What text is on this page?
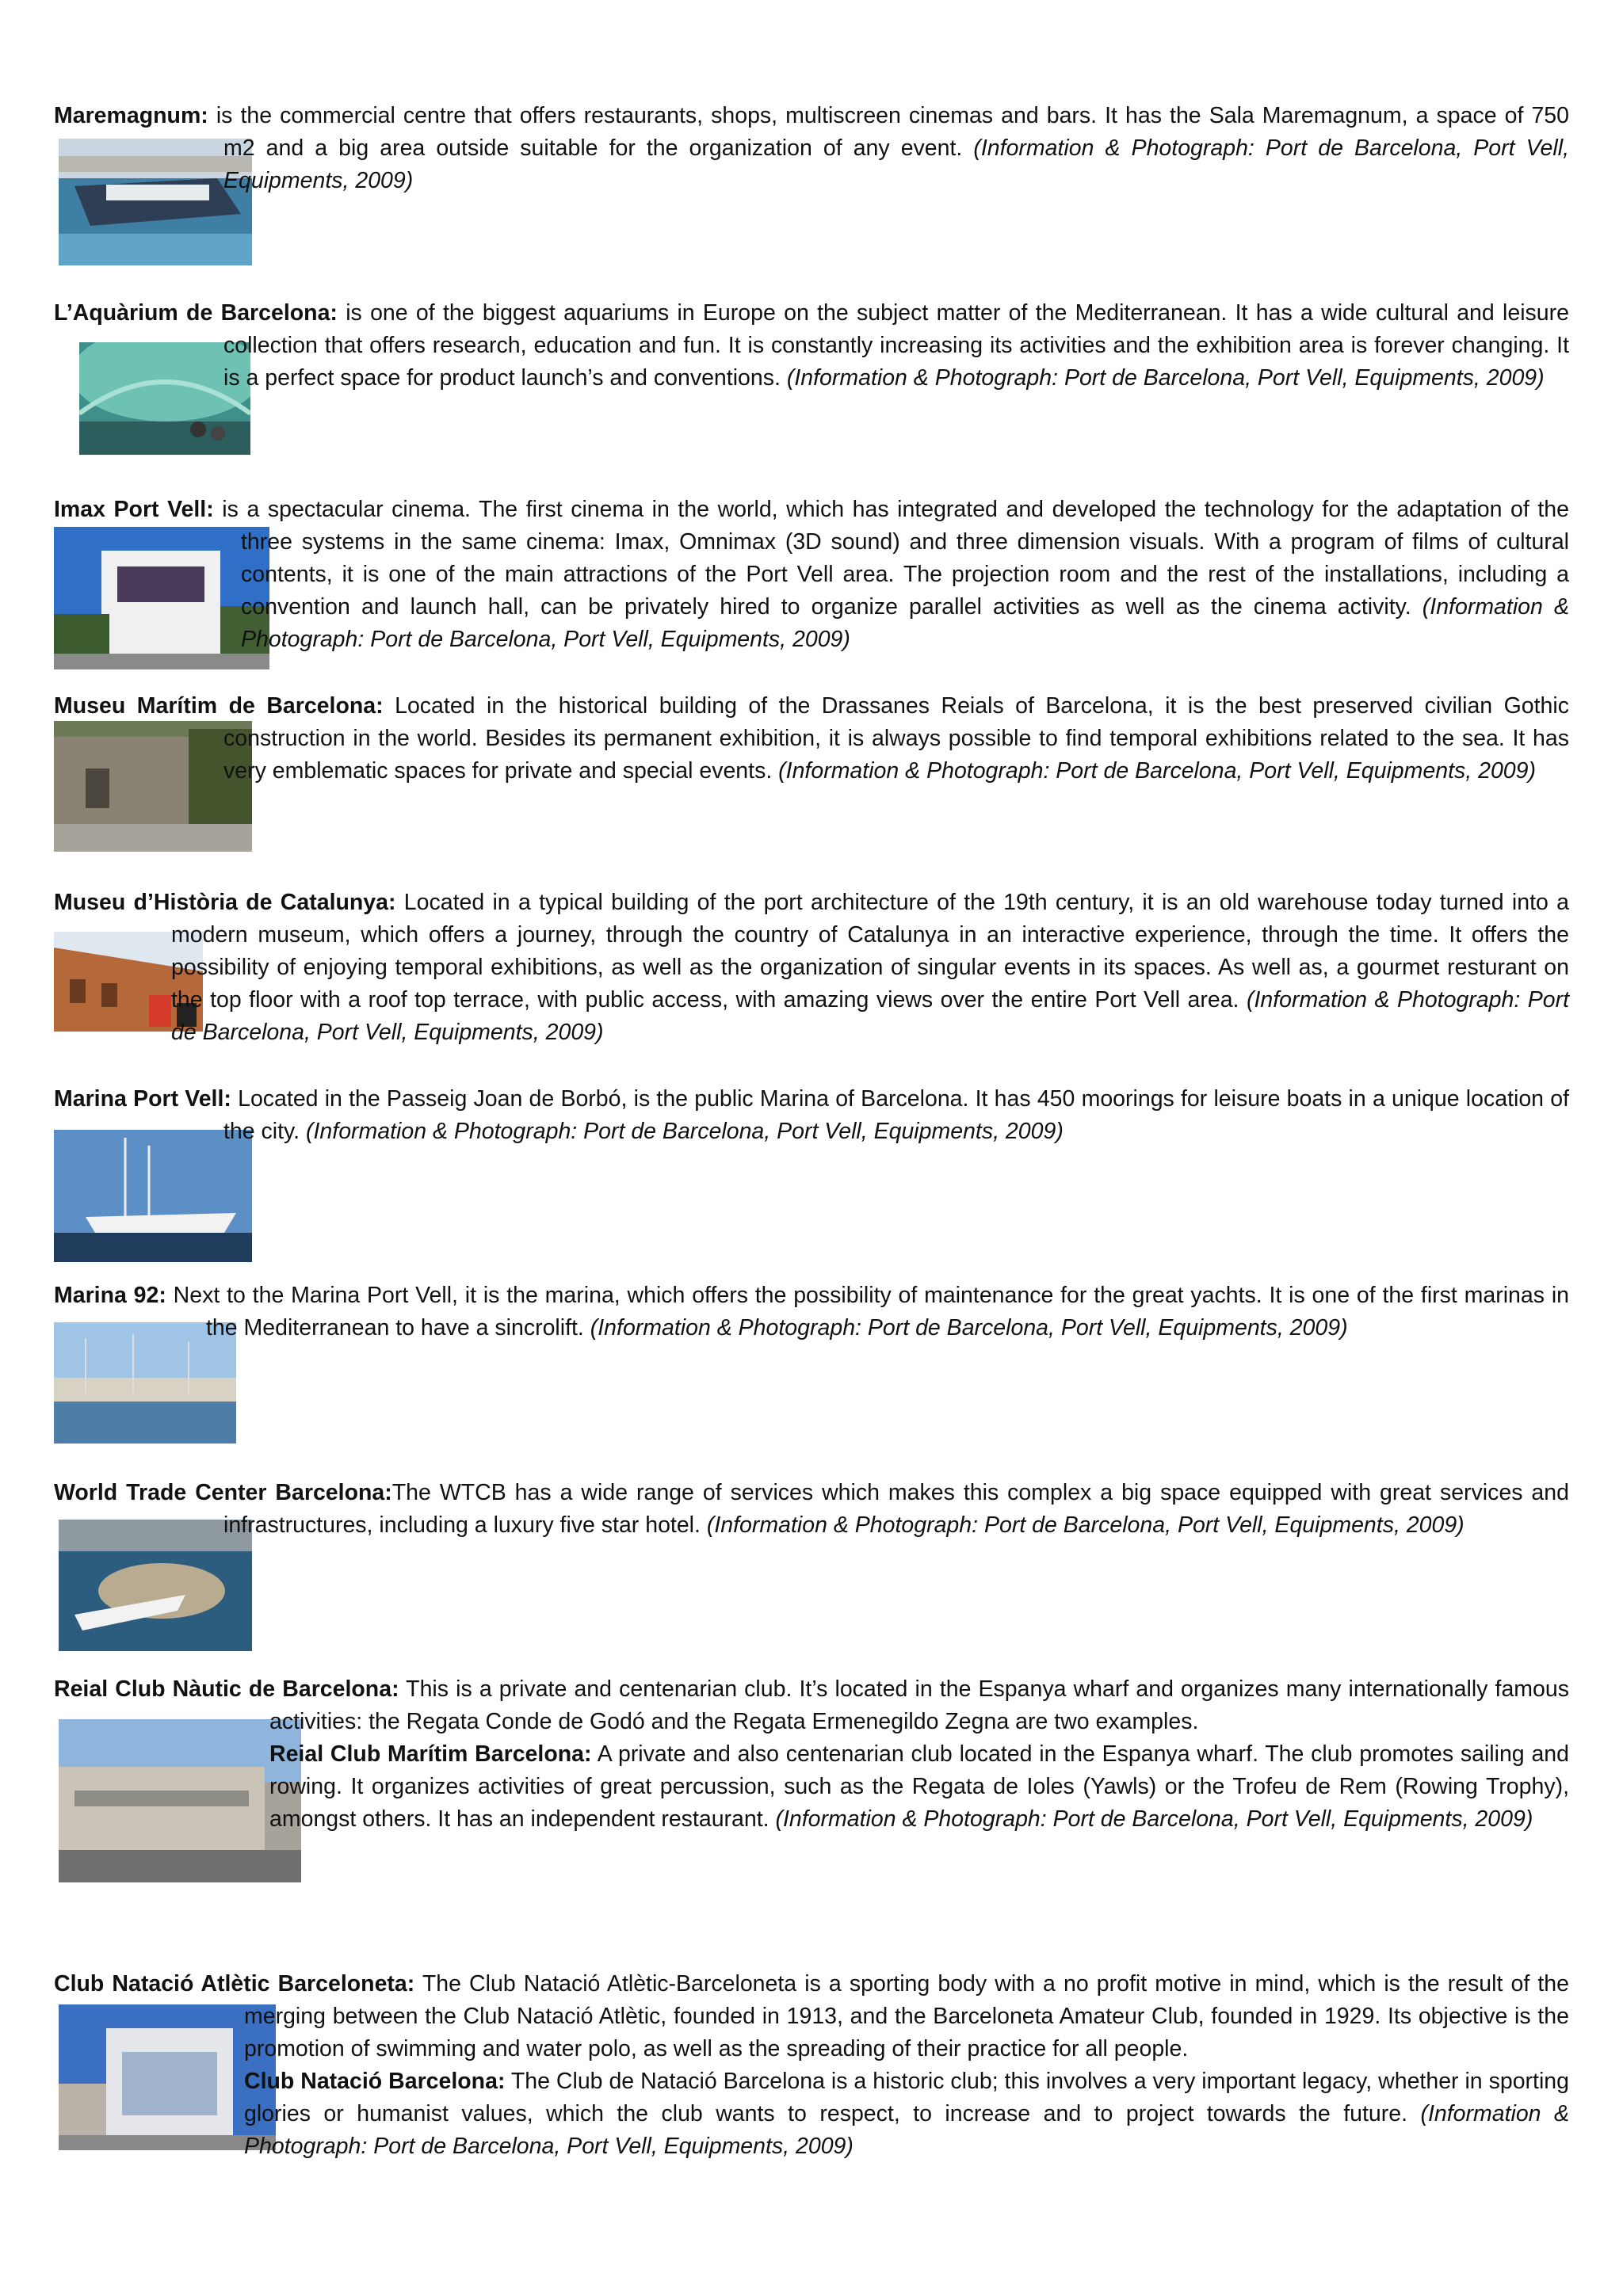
Maremagnum: is the commercial centre that offers restaurants, shops, multiscreen cinemas and bars. It has the Sala Maremagnum, a space of 750 m2 and a big area outside suitable for the organization of any event. (Information & Photograph: Port de Barcelona, Port Vell, Equipments, 2009)

L’Aquàrium de Barcelona: is one of the biggest aquariums in Europe on the subject matter of the Mediterranean. It has a wide cultural and leisure collection that offers research, education and fun. It is constantly increasing its activities and the exhibition area is forever changing. It is a perfect space for product launch’s and conventions. (Information & Photograph: Port de Barcelona, Port Vell, Equipments, 2009)

Imax Port Vell: is a spectacular cinema. The first cinema in the world, which has integrated and developed the technology for the adaptation of the three systems in the same cinema: Imax, Omnimax (3D sound) and three dimension visuals. With a program of films of cultural contents, it is one of the main attractions of the Port Vell area. The projection room and the rest of the installations, including a convention and launch hall, can be privately hired to organize parallel activities as well as the cinema activity. (Information & Photograph: Port de Barcelona, Port Vell, Equipments, 2009)

Museu Marítim de Barcelona: Located in the historical building of the Drassanes Reials of Barcelona, it is the best preserved civilian Gothic construction in the world. Besides its permanent exhibition, it is always possible to find temporal exhibitions related to the sea. It has very emblematic spaces for private and special events. (Information & Photograph: Port de Barcelona, Port Vell, Equipments, 2009)

Museu d’Història de Catalunya: Located in a typical building of the port architecture of the 19th century, it is an old warehouse today turned into a modern museum, which offers a journey, through the country of Catalunya in an interactive experience, through the time. It offers the possibility of enjoying temporal exhibitions, as well as the organization of singular events in its spaces. As well as, a gourmet resturant on the top floor with a roof top terrace, with public access, with amazing views over the entire Port Vell area. (Information & Photograph: Port de Barcelona, Port Vell, Equipments, 2009)

Marina Port Vell: Located in the Passeig Joan de Borbó, is the public Marina of Barcelona. It has 450 moorings for leisure boats in a unique location of the city. (Information & Photograph: Port de Barcelona, Port Vell, Equipments, 2009)

Marina 92: Next to the Marina Port Vell, it is the marina, which offers the possibility of maintenance for the great yachts. It is one of the first marinas in the Mediterranean to have a sincrolift. (Information & Photograph: Port de Barcelona, Port Vell, Equipments, 2009)

World Trade Center Barcelona:The WTCB has a wide range of services which makes this complex a big space equipped with great services and infrastructures, including a luxury five star hotel. (Information & Photograph: Port de Barcelona, Port Vell, Equipments, 2009)

Reial Club Nàutic de Barcelona: This is a private and centenarian club. It’s located in the Espanya wharf and organizes many internationally famous activities: the Regata Conde de Godó and the Regata Ermenegildo Zegna are two examples.

Reial Club Marítim Barcelona: A private and also centenarian club located in the Espanya wharf. The club promotes sailing and rowing. It organizes activities of great percussion, such as the Regata de Ioles (Yawls) or the Trofeu de Rem (Rowing Trophy), amongst others. It has an independent restaurant. (Information & Photograph: Port de Barcelona, Port Vell, Equipments, 2009)

Club Natació Atlètic Barceloneta: The Club Natació Atlètic-Barceloneta is a sporting body with a no profit motive in mind, which is the result of the merging between the Club Natació Atlètic, founded in 1913, and the Barceloneta Amateur Club, founded in 1929. Its objective is the promotion of swimming and water polo, as well as the spreading of their practice for all people.

Club Natació Barcelona: The Club de Natació Barcelona is a historic club; this involves a very important legacy, whether in sporting glories or humanist values, which the club wants to respect, to increase and to project towards the future. (Information & Photograph: Port de Barcelona, Port Vell, Equipments, 2009)
